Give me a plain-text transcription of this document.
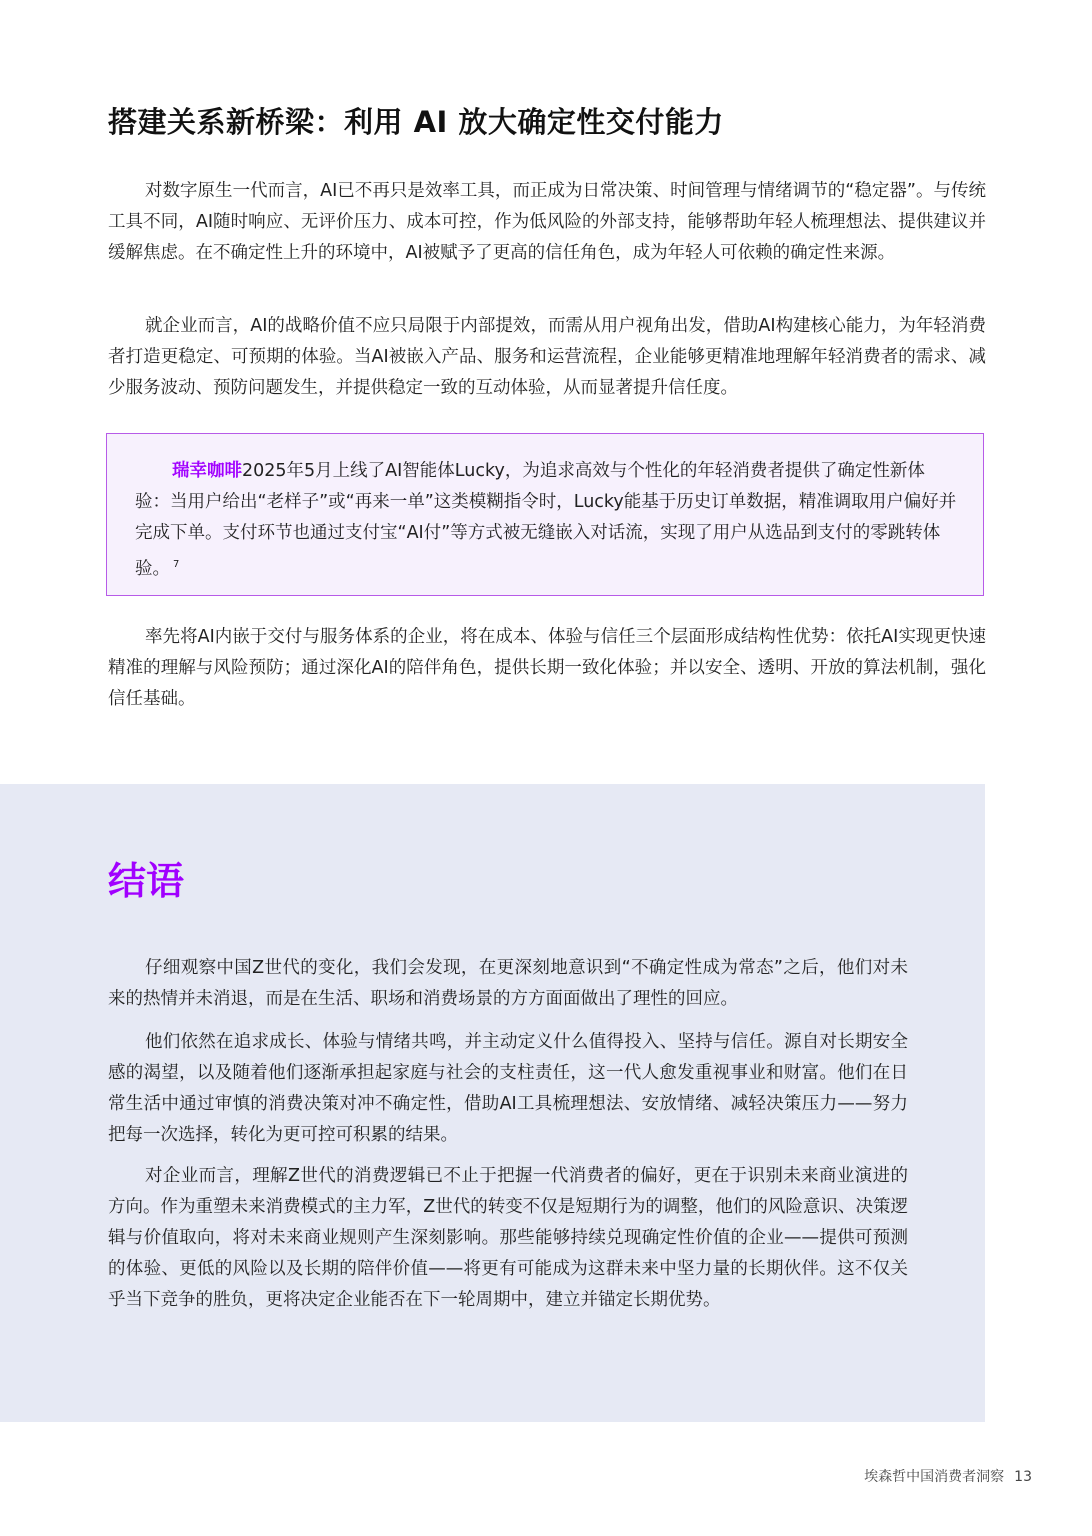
搭建关系新桥梁：利用 AI 放大确定性交付能力

对数字原生一代而言，AI已不再只是效率工具，而正成为日常决策、时间管理与情绪调节的“稳定器”。与传统工具不同，AI随时响应、无评价压力、成本可控，作为低风险的外部支持，能够帮助年轻人梳理想法、提供建议并缓解焦虑。在不确定性上升的环境中，AI被赋予了更高的信任角色，成为年轻人可依赖的确定性来源。

就企业而言，AI的战略价值不应只局限于内部提效，而需从用户视角出发，借助AI构建核心能力，为年轻消费者打造更稳定、可预期的体验。当AI被嵌入产品、服务和运营流程，企业能够更精准地理解年轻消费者的需求、减少服务波动、预防问题发生，并提供稳定一致的互动体验，从而显著提升信任度。

瑞幸咖啡2025年5月上线了AI智能体Lucky，为追求高效与个性化的年轻消费者提供了确定性新体验：当用户给出“老样子”或“再来一单”这类模糊指令时，Lucky能基于历史订单数据，精准调取用户偏好并完成下单。支付环节也通过支付宝“AI付”等方式被无缝嵌入对话流，实现了用户从选品到支付的零跳转体验。 $^7$

率先将AI内嵌于交付与服务体系的企业，将在成本、体验与信任三个层面形成结构性优势：依托AI实现更快速精准的理解与风险预防；通过深化AI的陪伴角色，提供长期一致化体验；并以安全、透明、开放的算法机制，强化信任基础。

结语

仔细观察中国Z世代的变化，我们会发现，在更深刻地意识到“不确定性成为常态”之后，他们对未来的热情并未消退，而是在生活、职场和消费场景的方方面面做出了理性的回应。

他们依然在追求成长、体验与情绪共鸣，并主动定义什么值得投入、坚持与信任。源自对长期安全感的渴望，以及随着他们逐渐承担起家庭与社会的支柱责任，这一代人愈发重视事业和财富。他们在日常生活中通过审慎的消费决策对冲不确定性，借助AI工具梳理想法、安放情绪、减轻决策压力——努力把每一次选择，转化为更可控可积累的结果。

对企业而言，理解Z世代的消费逻辑已不止于把握一代消费者的偏好，更在于识别未来商业演进的方向。作为重塑未来消费模式的主力军，Z世代的转变不仅是短期行为的调整，他们的风险意识、决策逻辑与价值取向，将对未来商业规则产生深刻影响。那些能够持续兑现确定性价值的企业——提供可预测的体验、更低的风险以及长期的陪伴价值——将更有可能成为这群未来中坚力量的长期伙伴。这不仅关乎当下竞争的胜负，更将决定企业能否在下一轮周期中，建立并锚定长期优势。

埃森哲中国消费者洞察 13
